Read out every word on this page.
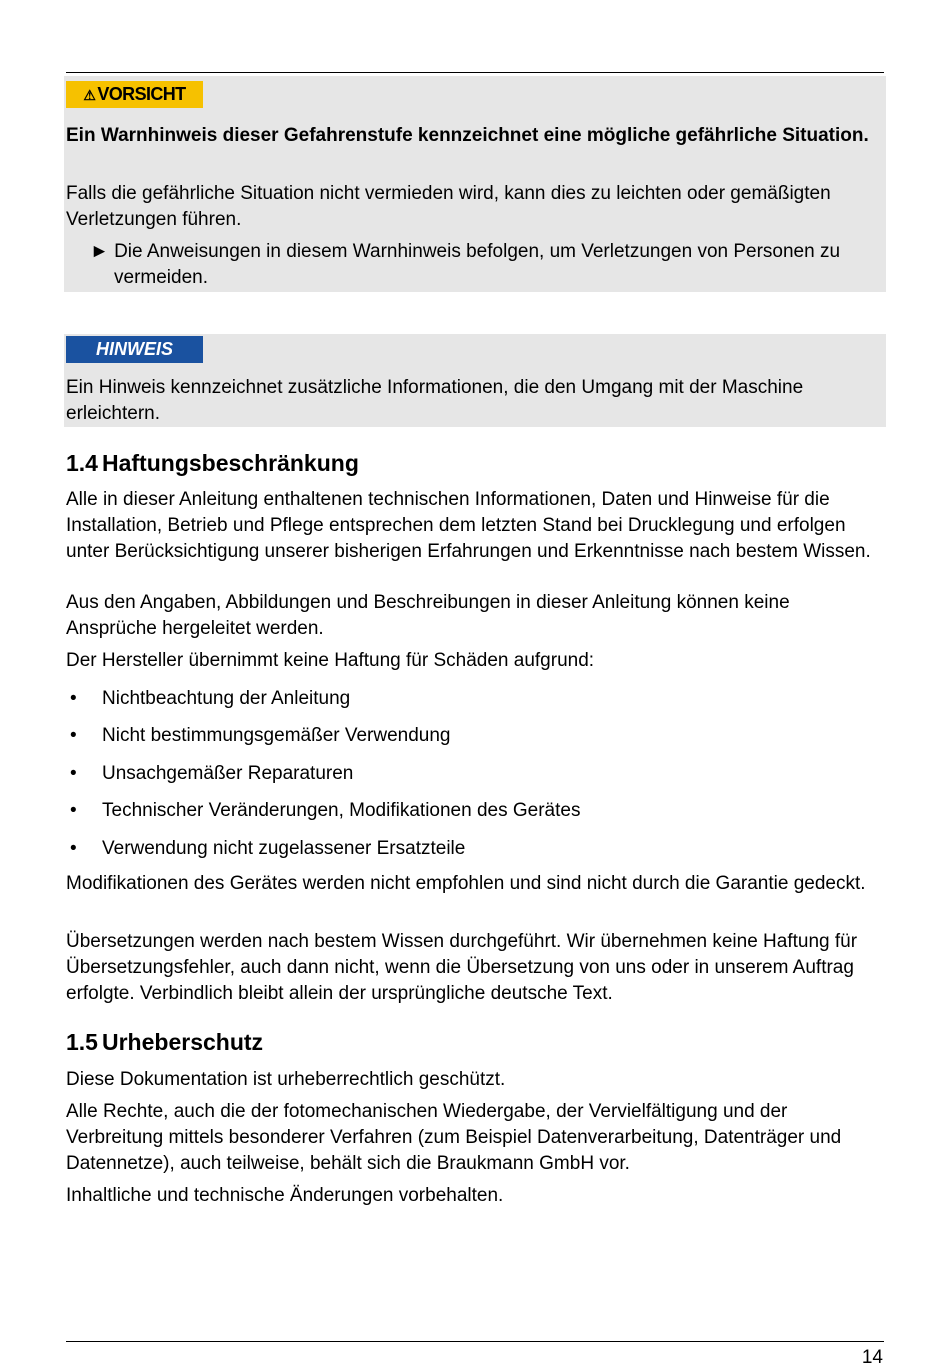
⚠ VORSICHT

Ein Warnhinweis dieser Gefahrenstufe kennzeichnet eine mögliche gefährliche Situation.

Falls die gefährliche Situation nicht vermieden wird, kann dies zu leichten oder gemäßigten Verletzungen führen.

► Die Anweisungen in diesem Warnhinweis befolgen, um Verletzungen von Personen zu vermeiden.

HINWEIS

Ein Hinweis kennzeichnet zusätzliche Informationen, die den Umgang mit der Maschine erleichtern.

1.4 Haftungsbeschränkung

Alle in dieser Anleitung enthaltenen technischen Informationen, Daten und Hinweise für die Installation, Betrieb und Pflege entsprechen dem letzten Stand bei Drucklegung und erfolgen unter Berücksichtigung unserer bisherigen Erfahrungen und Erkenntnisse nach bestem Wissen.

Aus den Angaben, Abbildungen und Beschreibungen in dieser Anleitung können keine Ansprüche hergeleitet werden.

Der Hersteller übernimmt keine Haftung für Schäden aufgrund:

• Nichtbeachtung der Anleitung
• Nicht bestimmungsgemäßer Verwendung
• Unsachgemäßer Reparaturen
• Technischer Veränderungen, Modifikationen des Gerätes
• Verwendung nicht zugelassener Ersatzteile

Modifikationen des Gerätes werden nicht empfohlen und sind nicht durch die Garantie gedeckt.

Übersetzungen werden nach bestem Wissen durchgeführt. Wir übernehmen keine Haftung für Übersetzungsfehler, auch dann nicht, wenn die Übersetzung von uns oder in unserem Auftrag erfolgte. Verbindlich bleibt allein der ursprüngliche deutsche Text.

1.5 Urheberschutz

Diese Dokumentation ist urheberrechtlich geschützt.

Alle Rechte, auch die der fotomechanischen Wiedergabe, der Vervielfältigung und der Verbreitung mittels besonderer Verfahren (zum Beispiel Datenverarbeitung, Datenträger und Datennetze), auch teilweise, behält sich die Braukmann GmbH vor.

Inhaltliche und technische Änderungen vorbehalten.

14
